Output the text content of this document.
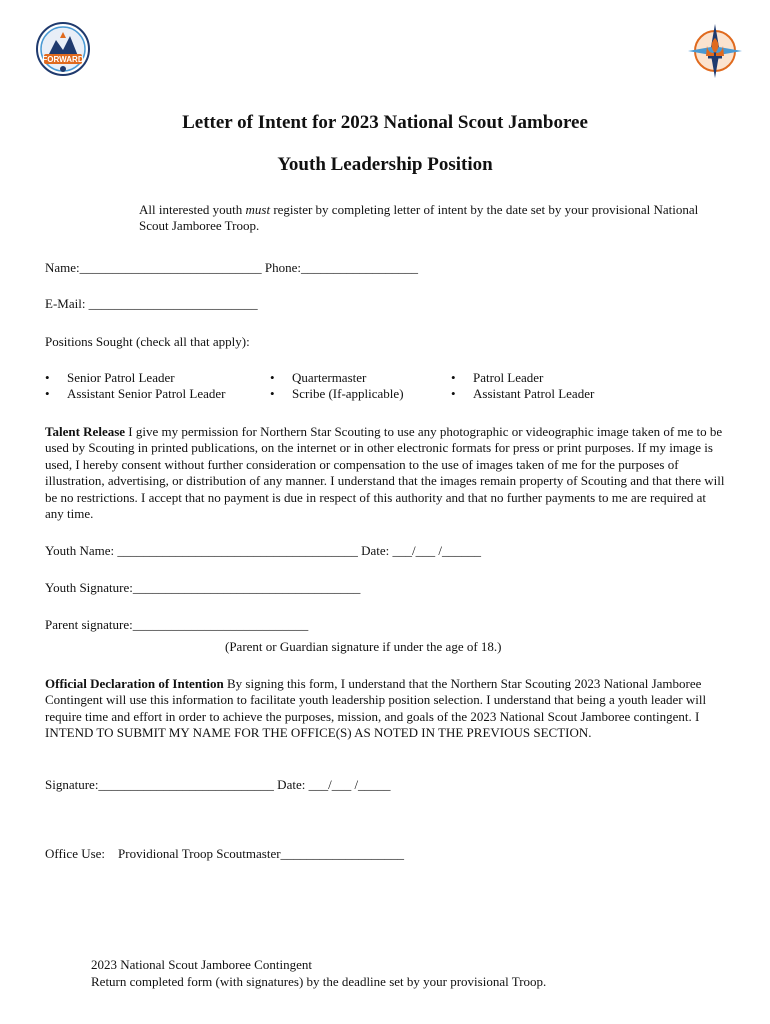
FORWARD
Letter of Intent for 2023 National Scout Jamboree
Youth Leadership Position
All interested youth must register by completing letter of intent by the date set by your provisional National Scout Jamboree Troop.
Name:____________________________ Phone:__________________
E-Mail: __________________________
Positions Sought (check all that apply):
• Senior Patrol Leader
• Assistant Senior Patrol Leader
• Quartermaster
• Scribe (If-applicable)
• Patrol Leader
• Assistant Patrol Leader
Talent Release I give my permission for Northern Star Scouting to use any photographic or videographic image taken of me to be used by Scouting in printed publications, on the internet or in other electronic formats for press or print purposes. If my image is used, I hereby consent without further consideration or compensation to the use of images taken of me for the purposes of illustration, advertising, or distribution of any manner. I understand that the images remain property of Scouting and that there will be no restrictions. I accept that no payment is due in respect of this authority and that no further payments to me are required at any time.
Youth Name: _____________________________________ Date: ___/___ /______
Youth Signature:___________________________________
Parent signature:___________________________
(Parent or Guardian signature if under the age of 18.)
Official Declaration of Intention By signing this form, I understand that the Northern Star Scouting 2023 National Jamboree Contingent will use this information to facilitate youth leadership position selection. I understand that being a youth leader will require time and effort in order to achieve the purposes, mission, and goals of the 2023 National Scout Jamboree contingent. I INTEND TO SUBMIT MY NAME FOR THE OFFICE(S) AS NOTED IN THE PREVIOUS SECTION.
Signature:___________________________ Date: ___/___ /_____
Office Use:    Providional Troop Scoutmaster___________________
2023 National Scout Jamboree Contingent
Return completed form (with signatures) by the deadline set by your provisional Troop.
